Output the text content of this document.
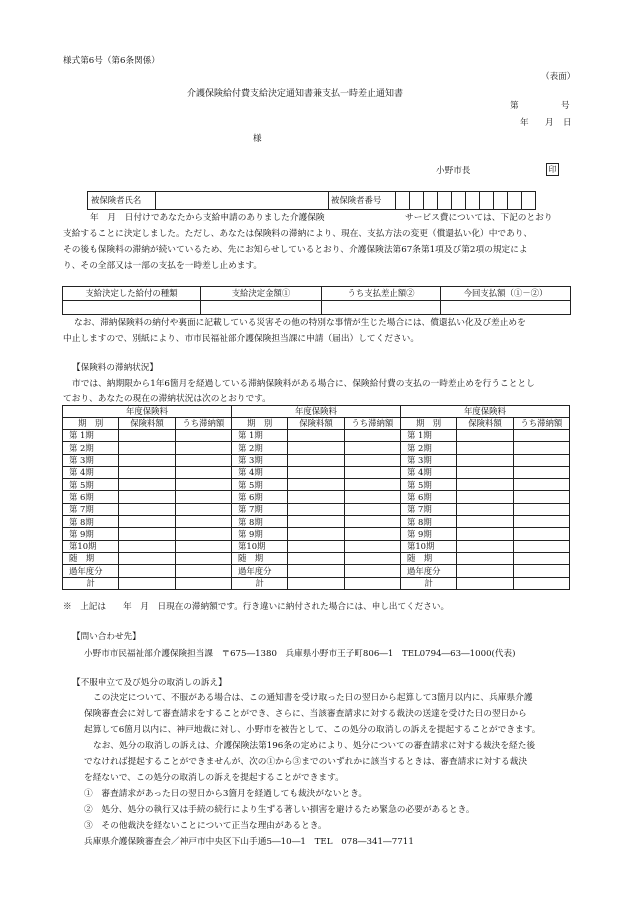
様式第6号（第6条関係）
（表面）
介護保険給付費支給決定通知書兼支払一時差止通知書
第	号
年 月 日
様
小野市長	印
被保険者氏名		被保険者番号										
年　月　日付けであなたから支給申請のありました介護保険	サービス費については、下記のとおり
支給することに決定しました。ただし、あなたは保険料の滞納により、現在、支払方法の変更（償還払い化）中であり、
その後も保険料の滞納が続いているため、先にお知らせしているとおり、介護保険法第67条第1項及び第2項の規定によ
り、その全部又は一部の支払を一時差し止めます。
支給決定した給付の種類	支給決定金額①	うち支払差止額②	今回支払額（①－②）

なお、滞納保険料の納付や裏面に記載している災害その他の特別な事情が生じた場合には、償還払い化及び差止めを
中止しますので、別紙により、市市民福祉部介護保険担当課に申請（届出）してください。
【保険料の滞納状況】
市では、納期限から1年6箇月を経過している滞納保険料がある場合に、保険給付費の支払の一時差止めを行うこととし
ており、あなたの現在の滞納状況は次のとおりです。
年度保険料			年度保険料			年度保険料		
期　別	保険料額	うち滞納額	期　別	保険料額	うち滞納額	期　別	保険料額	うち滞納額
第 1期			第 1期			第 1期		
第 2期			第 2期			第 2期		
第 3期			第 3期			第 3期		
第 4期			第 4期			第 4期		
第 5期			第 5期			第 5期		
第 6期			第 6期			第 6期		
第 7期			第 7期			第 7期		
第 8期			第 8期			第 8期		
第 9期			第 9期			第 9期		
第10期			第10期			第10期		
随　期			随　期			随　期		
過年度分			過年度分			過年度分		
計			計			計		
※　上記は　　年　月　日現在の滞納額です。行き違いに納付された場合には、申し出てください。
【問い合わせ先】
小野市市民福祉部介護保険担当課　〒675―1380　兵庫県小野市王子町806―1　TEL0794―63―1000(代表)
【不服申立て及び処分の取消しの訴え】
この決定について、不服がある場合は、この通知書を受け取った日の翌日から起算して3箇月以内に、兵庫県介護
保険審査会に対して審査請求をすることができ、さらに、当該審査請求に対する裁決の送達を受けた日の翌日から
起算して6箇月以内に、神戸地裁に対し、小野市を被告として、この処分の取消しの訴えを提起することができます。
なお、処分の取消しの訴えは、介護保険法第196条の定めにより、処分についての審査請求に対する裁決を経た後
でなければ提起することができませんが、次の①から③までのいずれかに該当するときは、審査請求に対する裁決
を経ないで、この処分の取消しの訴えを提起することができます。
①　審査請求があった日の翌日から3箇月を経過しても裁決がないとき。
②　処分、処分の執行又は手続の続行により生ずる著しい損害を避けるため緊急の必要があるとき。
③　その他裁決を経ないことについて正当な理由があるとき。
兵庫県介護保険審査会／神戸市中央区下山手通5―10―1　TEL　078―341―7711
